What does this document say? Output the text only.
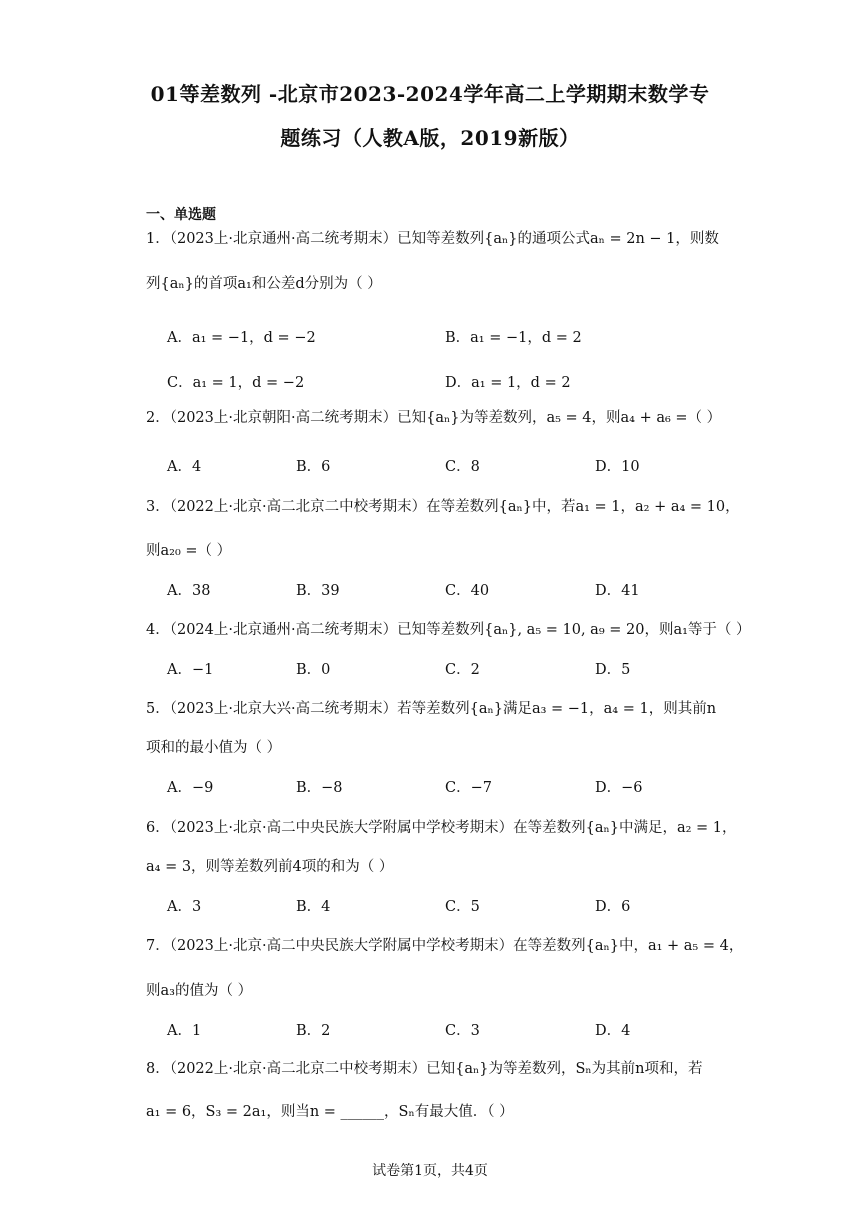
01等差数列 -北京市2023-2024学年高二上学期期末数学专
题练习（人教A版，2019新版）
一、单选题
1．（2023上·北京通州·高二统考期末）已知等差数列{aₙ}的通项公式aₙ = 2n − 1，则数
列{aₙ}的首项a₁和公差d分别为（ ）
A．a₁ = −1，d = −2	B．a₁ = −1，d = 2
C．a₁ = 1，d = −2	D．a₁ = 1，d = 2
2．（2023上·北京朝阳·高二统考期末）已知{aₙ}为等差数列，a₅ = 4，则a₄ + a₆ =（ ）
A．4	B．6	C．8	D．10
3．（2022上·北京·高二北京二中校考期末）在等差数列{aₙ}中，若a₁ = 1，a₂ + a₄ = 10，
则a₂₀ =（ ）
A．38	B．39	C．40	D．41
4．（2024上·北京通州·高二统考期末）已知等差数列{aₙ}, a₅ = 10, a₉ = 20，则a₁等于（ ）
A．−1	B．0	C．2	D．5
5．（2023上·北京大兴·高二统考期末）若等差数列{aₙ}满足a₃ = −1，a₄ = 1，则其前n
项和的最小值为（ ）
A．−9	B．−8	C．−7	D．−6
6．（2023上·北京·高二中央民族大学附属中学校考期末）在等差数列{aₙ}中满足，a₂ = 1，
a₄ = 3，则等差数列前4项的和为（ ）
A．3	B．4	C．5	D．6
7．（2023上·北京·高二中央民族大学附属中学校考期末）在等差数列{aₙ}中，a₁ + a₅ = 4，
则a₃的值为（ ）
A．1	B．2	C．3	D．4
8．（2022上·北京·高二北京二中校考期末）已知{aₙ}为等差数列，Sₙ为其前n项和，若
a₁ = 6，S₃ = 2a₁，则当n = ______，Sₙ有最大值．（ ）
试卷第1页，共4页
